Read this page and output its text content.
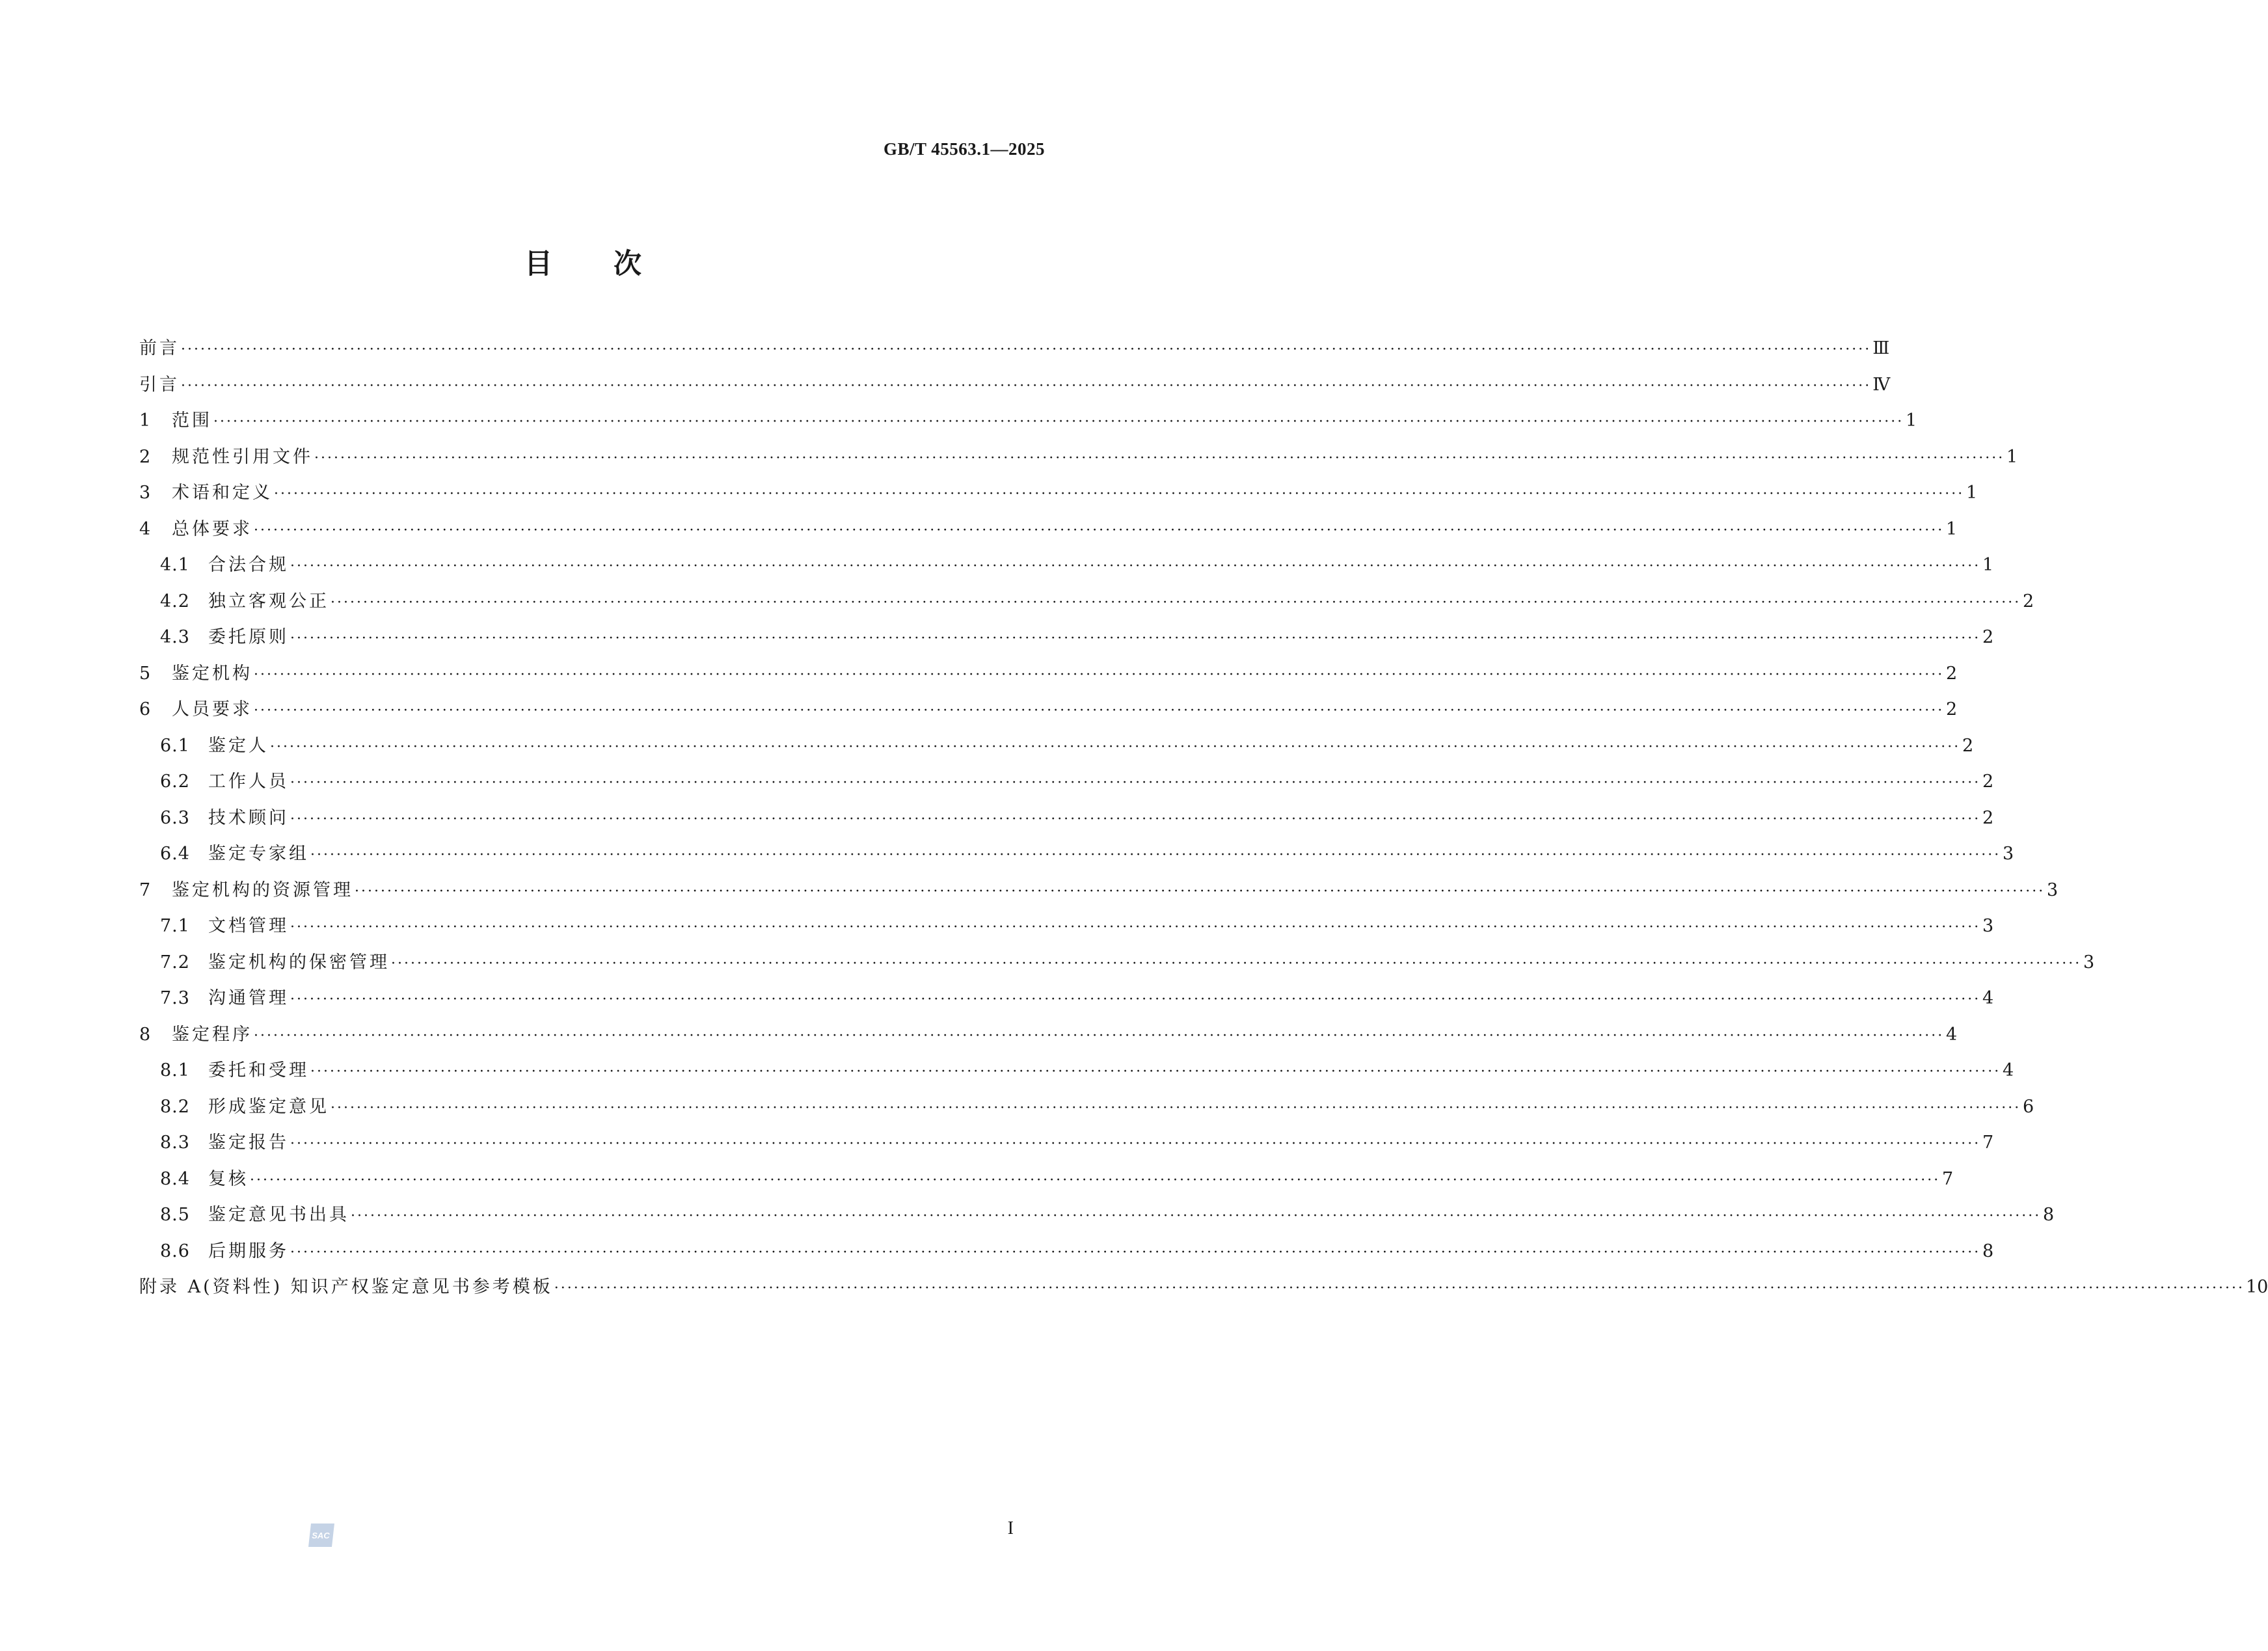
GB/T 45563.1—2025
目 次
前言 ···································································································································································································································································· Ⅲ
引言 ···································································································································································································································································· Ⅳ
1	范围 ···································································································································································································································································· 1
2	规范性引用文件 ···································································································································································································································································· 1
3	术语和定义 ···································································································································································································································································· 1
4	总体要求 ···································································································································································································································································· 1
4.1	合法合规 ···································································································································································································································································· 1
4.2	独立客观公正 ···································································································································································································································································· 2
4.3	委托原则 ···································································································································································································································································· 2
5	鉴定机构 ···································································································································································································································································· 2
6	人员要求 ···································································································································································································································································· 2
6.1	鉴定人 ···································································································································································································································································· 2
6.2	工作人员 ···································································································································································································································································· 2
6.3	技术顾问 ···································································································································································································································································· 2
6.4	鉴定专家组 ···································································································································································································································································· 3
7	鉴定机构的资源管理 ···································································································································································································································································· 3
7.1	文档管理 ···································································································································································································································································· 3
7.2	鉴定机构的保密管理 ···································································································································································································································································· 3
7.3	沟通管理 ···································································································································································································································································· 4
8	鉴定程序 ···································································································································································································································································· 4
8.1	委托和受理 ···································································································································································································································································· 4
8.2	形成鉴定意见 ···································································································································································································································································· 6
8.3	鉴定报告 ···································································································································································································································································· 7
8.4	复核 ···································································································································································································································································· 7
8.5	鉴定意见书出具 ···································································································································································································································································· 8
8.6	后期服务 ···································································································································································································································································· 8
附录 A(资料性) 知识产权鉴定意见书参考模板 ···································································································································································································································································· 10
SAC	I
